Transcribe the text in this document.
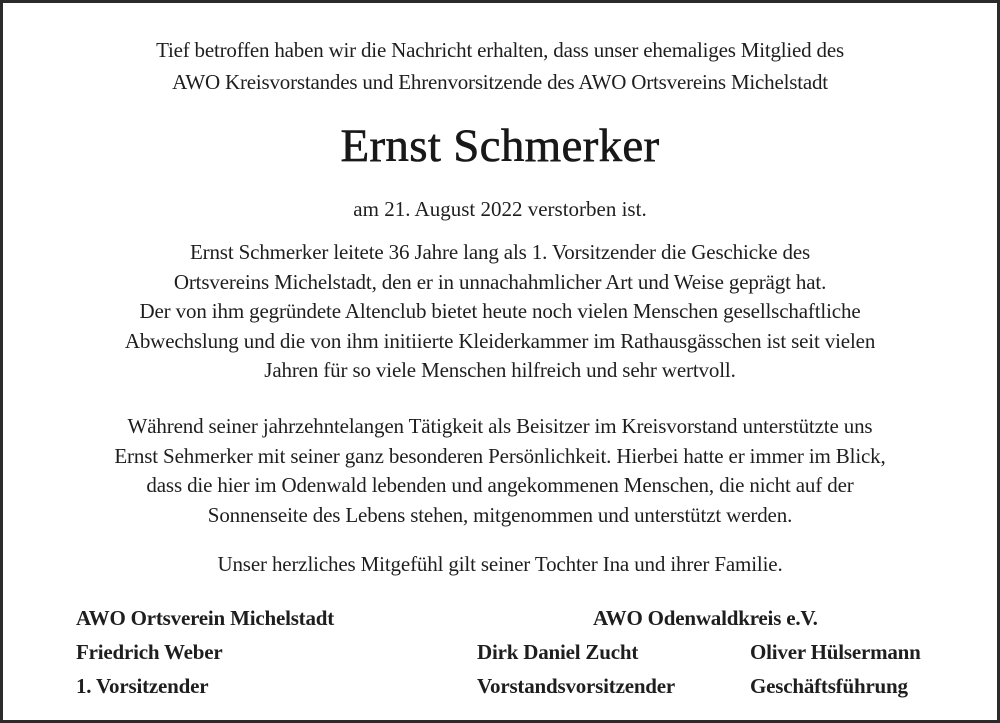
Tief betroffen haben wir die Nachricht erhalten, dass unser ehemaliges Mitglied des
AWO Kreisvorstandes und Ehrenvorsitzende des AWO Ortsvereins Michelstadt
Ernst Schmerker
am 21. August 2022 verstorben ist.
Ernst Schmerker leitete 36 Jahre lang als 1. Vorsitzender die Geschicke des
Ortsvereins Michelstadt, den er in unnachahmlicher Art und Weise geprägt hat.
Der von ihm gegründete Altenclub bietet heute noch vielen Menschen gesellschaftliche
Abwechslung und die von ihm initiierte Kleiderkammer im Rathausgässchen ist seit vielen
Jahren für so viele Menschen hilfreich und sehr wertvoll.
Während seiner jahrzehntelangen Tätigkeit als Beisitzer im Kreisvorstand unterstützte uns
Ernst Sehmerker mit seiner ganz besonderen Persönlichkeit. Hierbei hatte er immer im Blick,
dass die hier im Odenwald lebenden und angekommenen Menschen, die nicht auf der
Sonnenseite des Lebens stehen, mitgenommen und unterstützt werden.
Unser herzliches Mitgefühl gilt seiner Tochter Ina und ihrer Familie.
AWO Ortsverein Michelstadt
Friedrich Weber
1. Vorsitzender
AWO Odenwaldkreis e.V.
Dirk Daniel Zucht
Vorstandsvorsitzender
Oliver Hülsermann
Geschäftsführung
